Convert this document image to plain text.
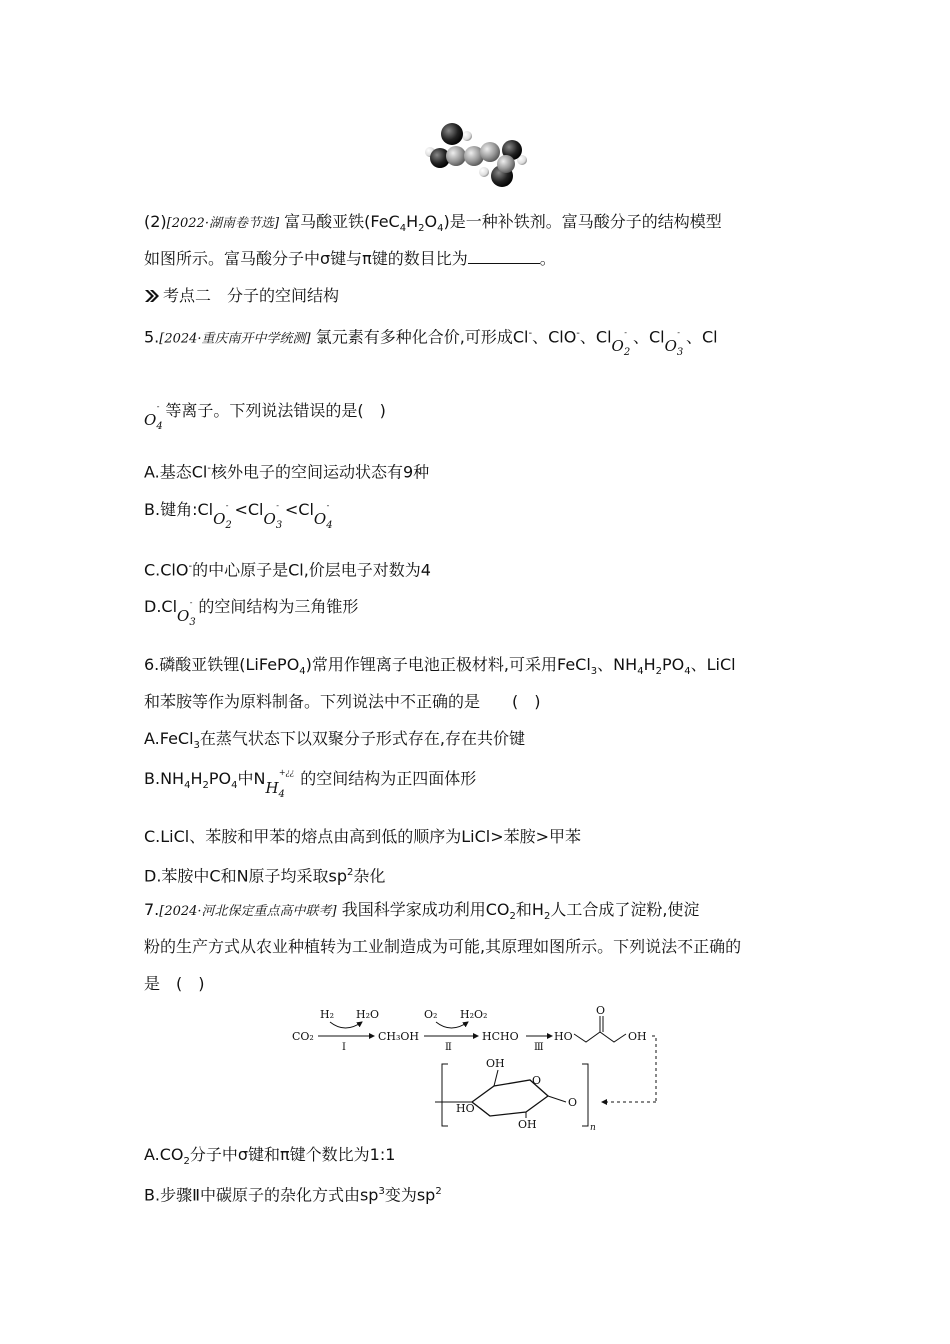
(2)[2022·湖南卷节选] 富马酸亚铁$(FeC_4H_2O_4)$是一种补铁剂。富马酸分子的结构模型
如图所示。富马酸分子中σ键与π键的数目比为	。
考点二　分子的空间结构
5.[2024·重庆南开中学统测] 氯元素有多种化合价,可形成Cl-、ClO-、ClO$_2$- 、ClO$_3$- 、Cl
$O_4^-$ 等离子。下列说法错误的是(　)
A.基态Cl-核外电子的空间运动状态有9种
B.键角:ClO$_2$- <ClO$_3$- <ClO$_4$-
C.ClO-的中心原子是Cl,价层电子对数为4
D.ClO$_3$- 的空间结构为三角锥形
6.磷酸亚铁锂(LiFePO$_4$)常用作锂离子电池正极材料,可采用FeCl$_3$、$NH_4H_2PO_4$、LiCl
和苯胺等作为原料制备。下列说法中不正确的是　　(　)
A.FeCl$_3$在蒸气状态下以双聚分子形式存在,存在共价键
$B.NH_4H_2PO_4$中$NH_4^{+¿¿}$ 的空间结构为正四面体形
C.LiCl、苯胺和甲苯的熔点由高到低的顺序为LiCl>苯胺>甲苯
D.苯胺中C和N原子均采取$sp^2$杂化
7.[2024·河北保定重点高中联考] 我国科学家成功利用$CO_2$和$H_2$人工合成了淀粉,使淀
粉的生产方式从农业种植转为工业制造成为可能,其原理如图所示。下列说法不正确的
是　(　)
H₂ H₂O
CO₂
Ⅰ
CH₃OH
O₂ H₂O₂
Ⅱ
HCHO
Ⅲ
HO
O
OH
n
OH
O
HO
OH
O
$A.CO_2$分子中σ键和π键个数比为1:1
B.步骤Ⅱ中碳原子的杂化方式由$sp^3$变为$sp^2$
